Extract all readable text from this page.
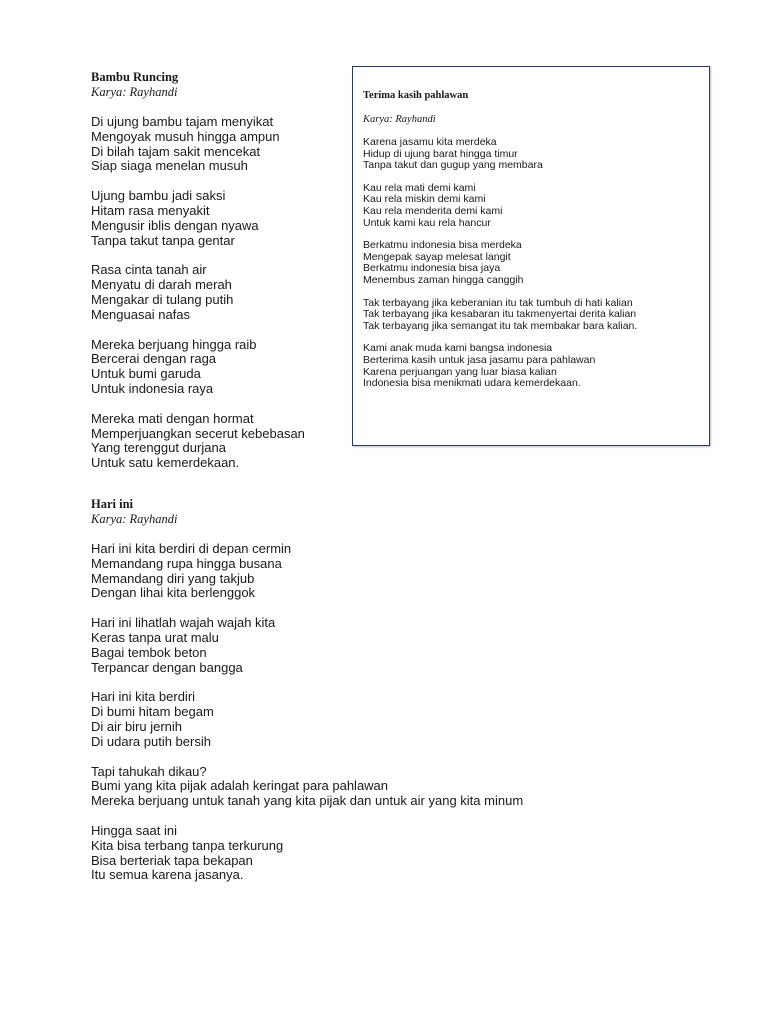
Bambu Runcing
Karya: Rayhandi
Di ujung bambu tajam menyikat
Mengoyak musuh hingga ampun
Di bilah tajam sakit mencekat
Siap siaga menelan musuh
Ujung bambu jadi saksi
Hitam rasa menyakit
Mengusir iblis dengan nyawa
Tanpa takut tanpa gentar
Rasa cinta tanah air
Menyatu di darah merah
Mengakar di tulang putih
Menguasai nafas
Mereka berjuang hingga raib
Bercerai dengan raga
Untuk bumi garuda
Untuk indonesia raya
Mereka mati dengan hormat
Memperjuangkan secerut kebebasan
Yang terenggut durjana
Untuk satu kemerdekaan.
Terima kasih pahlawan
Karya: Rayhandi
Karena jasamu kita merdeka
Hidup di ujung barat hingga timur
Tanpa takut dan gugup yang membara
Kau rela mati demi kami
Kau rela miskin demi kami
Kau rela menderita demi kami
Untuk kami kau rela hancur
Berkatmu indonesia bisa merdeka
Mengepak sayap melesat langit
Berkatmu indonesia bisa jaya
Menembus zaman hingga canggih
Tak terbayang jika keberanian itu tak tumbuh di hati kalian
Tak terbayang jika kesabaran itu takmenyertai derita kalian
Tak terbayang jika semangat itu tak membakar bara kalian.
Kami anak muda kami bangsa indonesia
Berterima kasih untuk jasa jasamu para pahlawan
Karena perjuangan yang luar biasa kalian
Indonesia bisa menikmati udara kemerdekaan.
Hari ini
Karya: Rayhandi
Hari ini kita berdiri di depan cermin
Memandang rupa hingga busana
Memandang diri yang takjub
Dengan lihai kita berlenggok
Hari ini lihatlah wajah wajah kita
Keras tanpa urat malu
Bagai tembok beton
Terpancar dengan bangga
Hari ini kita berdiri
Di bumi hitam begam
Di air biru jernih
Di udara putih bersih
Tapi tahukah dikau?
Bumi yang kita pijak adalah keringat para pahlawan
Mereka berjuang untuk tanah yang kita pijak dan untuk air yang kita minum
Hingga saat ini
Kita bisa terbang tanpa terkurung
Bisa berteriak tapa bekapan
Itu semua karena jasanya.
